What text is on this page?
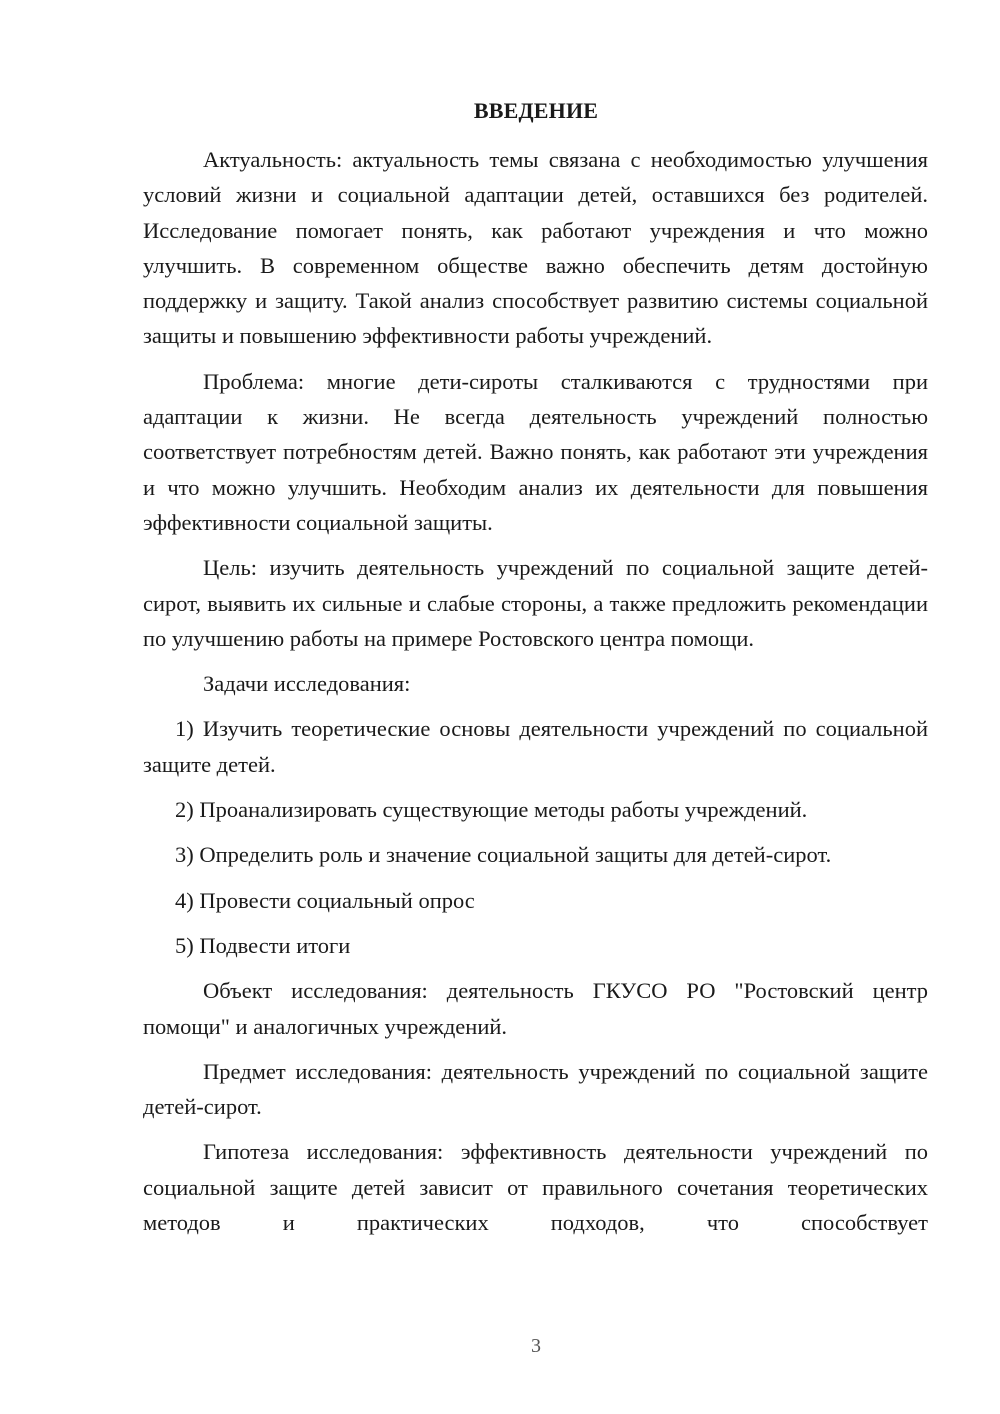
ВВЕДЕНИЕ

Актуальность: актуальность темы связана с необходимостью улучшения условий жизни и социальной адаптации детей, оставшихся без родителей. Исследование помогает понять, как работают учреждения и что можно улучшить. В современном обществе важно обеспечить детям достойную поддержку и защиту. Такой анализ способствует развитию системы социальной защиты и повышению эффективности работы учреждений.

Проблема: многие дети-сироты сталкиваются с трудностями при адаптации к жизни. Не всегда деятельность учреждений полностью соответствует потребностям детей. Важно понять, как работают эти учреждения и что можно улучшить. Необходим анализ их деятельности для повышения эффективности социальной защиты.

Цель: изучить деятельность учреждений по социальной защите детей-сирот, выявить их сильные и слабые стороны, а также предложить рекомендации по улучшению работы на примере Ростовского центра помощи.

Задачи исследования:

1) Изучить теоретические основы деятельности учреждений по социальной защите детей.

2) Проанализировать существующие методы работы учреждений.

3) Определить роль и значение социальной защиты для детей-сирот.

4) Провести социальный опрос

5) Подвести итоги

Объект исследования: деятельность ГКУСО РО "Ростовский центр помощи" и аналогичных учреждений.

Предмет исследования: деятельность учреждений по социальной защите детей-сирот.

Гипотеза исследования: эффективность деятельности учреждений по социальной защите детей зависит от правильного сочетания теоретических методов и практических подходов, что способствует

3
